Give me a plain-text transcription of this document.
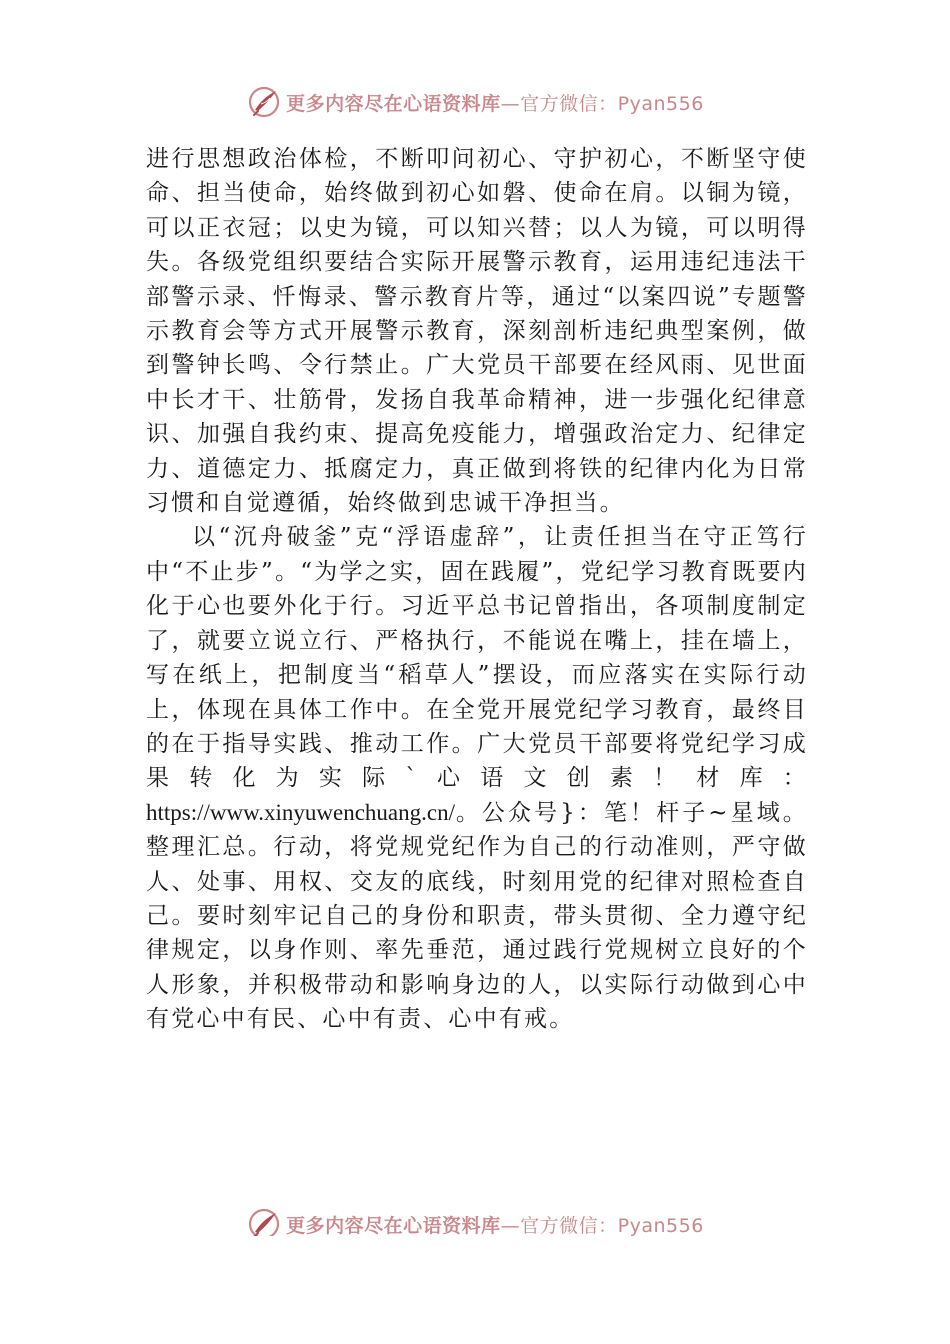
更多内容尽在心语资料库—官方微信：Pyan556

进行思想政治体检，不断叩问初心、守护初心，不断坚守使命、担当使命，始终做到初心如磐、使命在肩。以铜为镜，可以正衣冠；以史为镜，可以知兴替；以人为镜，可以明得失。各级党组织要结合实际开展警示教育，运用违纪违法干部警示录、忏悔录、警示教育片等，通过“以案四说”专题警示教育会等方式开展警示教育，深刻剖析违纪典型案例，做到警钟长鸣、令行禁止。广大党员干部要在经风雨、见世面中长才干、壮筋骨，发扬自我革命精神，进一步强化纪律意识、加强自我约束、提高免疫能力，增强政治定力、纪律定力、道德定力、抵腐定力，真正做到将铁的纪律内化为日常习惯和自觉遵循，始终做到忠诚干净担当。

以“沉舟破釜”克“浮语虚辞”，让责任担当在守正笃行中“不止步”。“为学之实，固在践履”，党纪学习教育既要内化于心也要外化于行。习近平总书记曾指出，各项制度制定了，就要立说立行、严格执行，不能说在嘴上，挂在墙上，写在纸上，把制度当“稻草人”摆设，而应落实在实际行动上，体现在具体工作中。在全党开展党纪学习教育，最终目的在于指导实践、推动工作。广大党员干部要将党纪学习成果转化为实际`心语文创素！材库：https://www.xinyuwenchuang.cn/。公众号}：笔！杆子~星域。整理汇总。行动，将党规党纪作为自己的行动准则，严守做人、处事、用权、交友的底线，时刻用党的纪律对照检查自己。要时刻牢记自己的身份和职责，带头贯彻、全力遵守纪律规定，以身作则、率先垂范，通过践行党规树立良好的个人形象，并积极带动和影响身边的人，以实际行动做到心中有党心中有民、心中有责、心中有戒。

更多内容尽在心语资料库—官方微信：Pyan556
